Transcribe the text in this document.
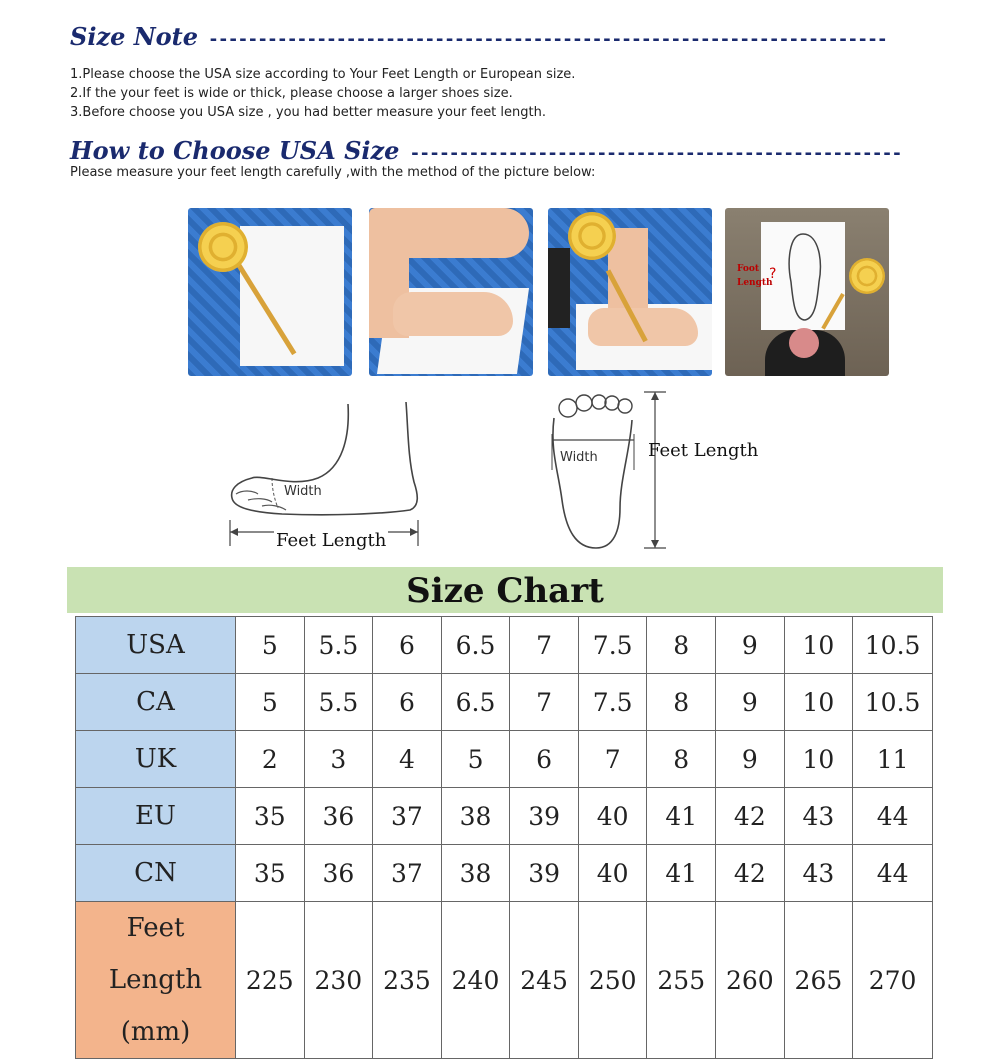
Size Note ---------------------------------------------------------------------
1.Please choose the USA size according to Your Feet Length or European size.
2.If the your feet is wide or thick, please choose a larger shoes size.
3.Before choose you USA size , you had better measure your feet length.
How to Choose USA Size --------------------------------------------------
Please measure your feet length carefully ,with the method of the picture below:
?
Foot Length
Width
Feet Length
Width	Feet Length
Size Chart
USA	5	5.5	6	6.5	7	7.5	8	9	10	10.5
CA	5	5.5	6	6.5	7	7.5	8	9	10	10.5
UK	2	3	4	5	6	7	8	9	10	11
EU	35	36	37	38	39	40	41	42	43	44
CN	35	36	37	38	39	40	41	42	43	44

Feet Length
(mm)	225	230	235	240	245	250	255	260	265	270
